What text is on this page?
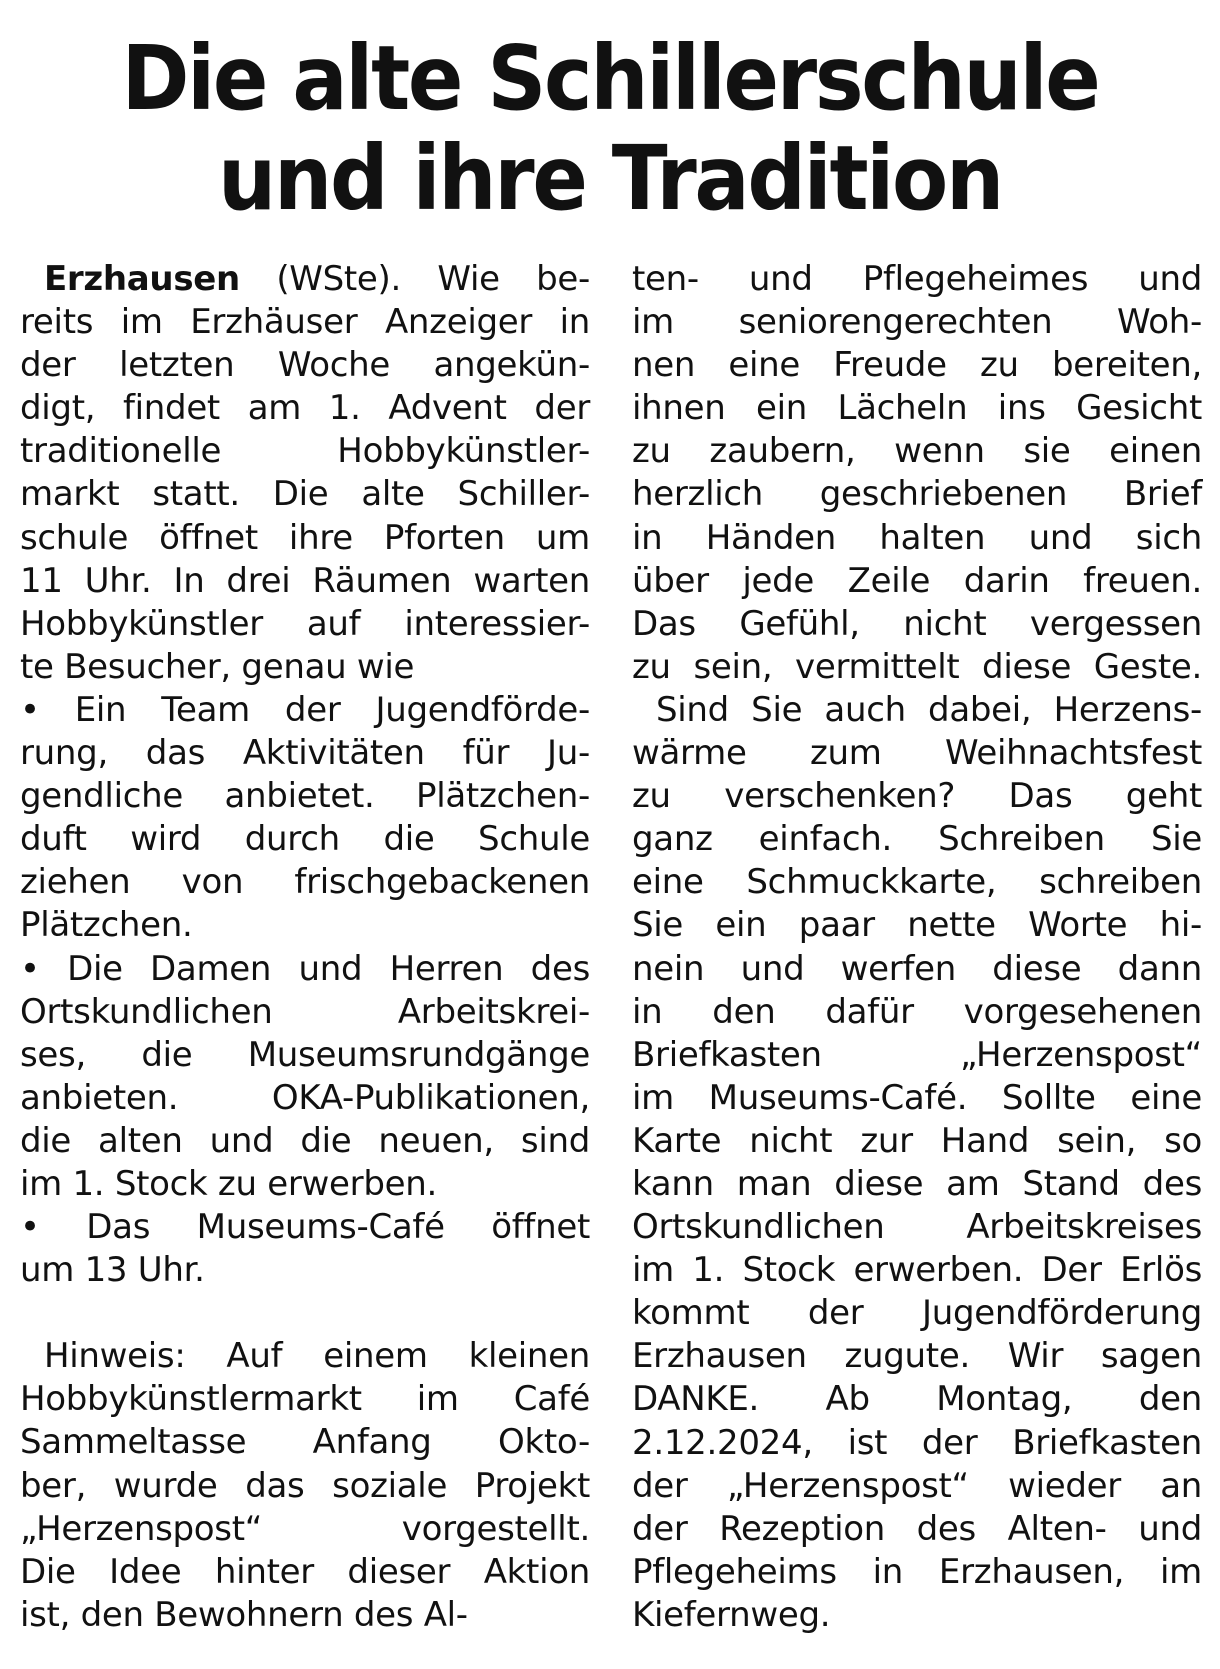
Die alte Schillerschule
und ihre Tradition

Erzhausen (WSte). Wie be-

reits im Erzhäuser Anzeiger in

der letzten Woche angekün-

digt, findet am 1. Advent der

traditionelle Hobbykünstler-

markt statt. Die alte Schiller-

schule öffnet ihre Pforten um

11 Uhr. In drei Räumen warten

Hobbykünstler auf interessier-

te Besucher, genau wie

• Ein Team der Jugendförde-

rung, das Aktivitäten für Ju-

gendliche anbietet. Plätzchen-

duft wird durch die Schule

ziehen von frischgebackenen

Plätzchen.

• Die Damen und Herren des

Ortskundlichen Arbeitskrei-

ses, die Museumsrundgänge

anbieten. OKA-Publikationen,

die alten und die neuen, sind

im 1. Stock zu erwerben.

• Das Museums-Café öffnet

um 13 Uhr.

Hinweis: Auf einem kleinen

Hobbykünstlermarkt im Café

Sammeltasse Anfang Okto-

ber, wurde das soziale Projekt

„Herzenspost“ vorgestellt.

Die Idee hinter dieser Aktion

ist, den Bewohnern des Al-

ten- und Pflegeheimes und

im seniorengerechten Woh-

nen eine Freude zu bereiten,

ihnen ein Lächeln ins Gesicht

zu zaubern, wenn sie einen

herzlich geschriebenen Brief

in Händen halten und sich

über jede Zeile darin freuen.

Das Gefühl, nicht vergessen

zu sein, vermittelt diese Geste.

Sind Sie auch dabei, Herzens-

wärme zum Weihnachtsfest

zu verschenken? Das geht

ganz einfach. Schreiben Sie

eine Schmuckkarte, schreiben

Sie ein paar nette Worte hi-

nein und werfen diese dann

in den dafür vorgesehenen

Briefkasten „Herzenspost“

im Museums-Café. Sollte eine

Karte nicht zur Hand sein, so

kann man diese am Stand des

Ortskundlichen Arbeitskreises

im 1. Stock erwerben. Der Erlös

kommt der Jugendförderung

Erzhausen zugute. Wir sagen

DANKE. Ab Montag, den

2.12.2024, ist der Briefkasten

der „Herzenspost“ wieder an

der Rezeption des Alten- und

Pflegeheims in Erzhausen, im

Kiefernweg.
